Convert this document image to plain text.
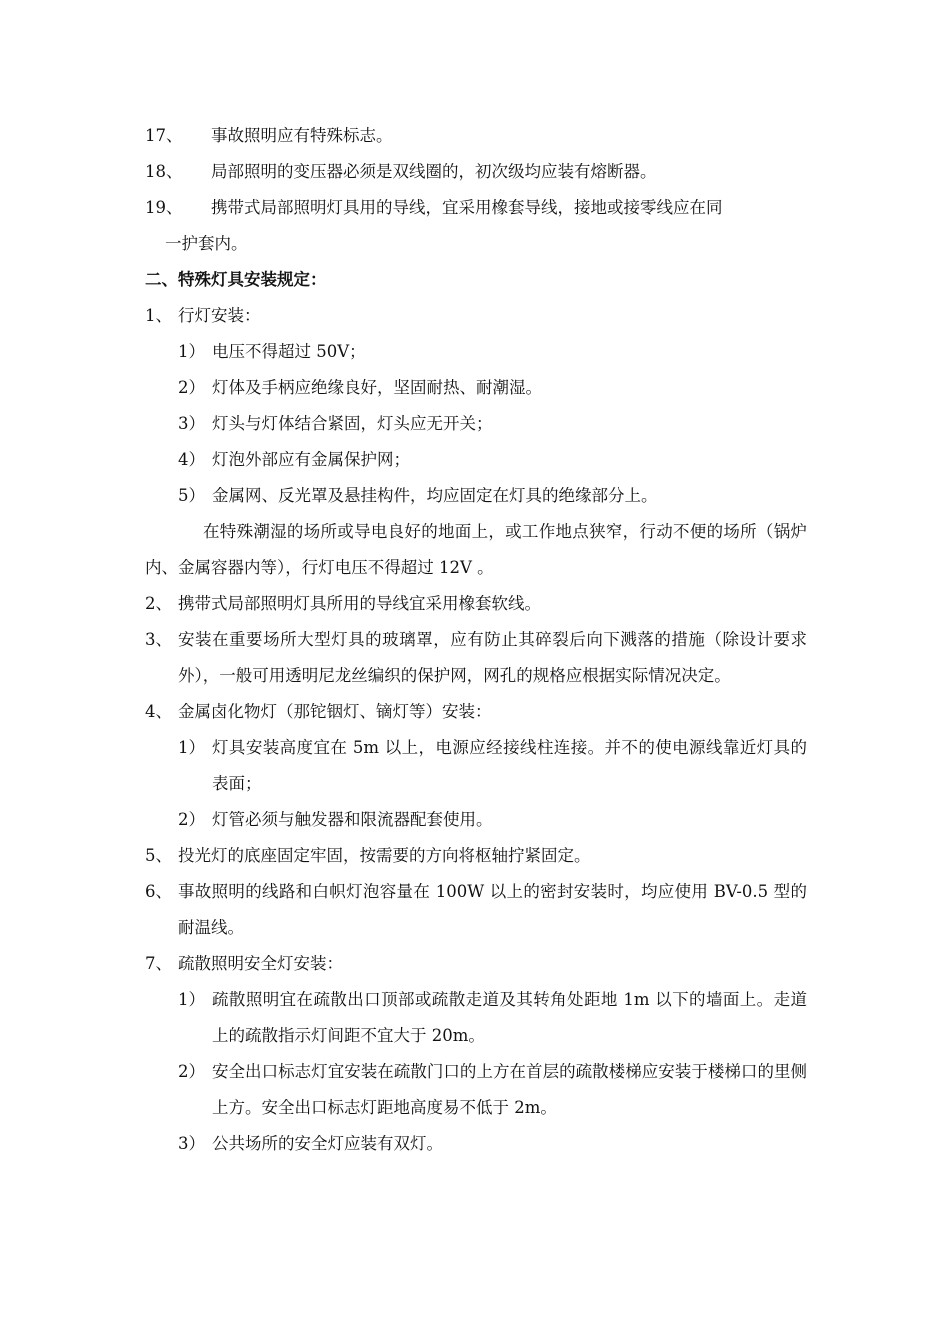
17、	事故照明应有特殊标志。
18、	局部照明的变压器必须是双线圈的，初次级均应装有熔断器。
19、	携带式局部照明灯具用的导线，宜采用橡套导线，接地或接零线应在同
一护套内。
二、特殊灯具安装规定：
1、 行灯安装：
1） 电压不得超过 50V；
2） 灯体及手柄应绝缘良好，坚固耐热、耐潮湿。
3） 灯头与灯体结合紧固，灯头应无开关；
4） 灯泡外部应有金属保护网；
5） 金属网、反光罩及悬挂构件，均应固定在灯具的绝缘部分上。
在特殊潮湿的场所或导电良好的地面上，或工作地点狭窄，行动不便的场所（锅炉内、金属容器内等），行灯电压不得超过 12V 。
2、 携带式局部照明灯具所用的导线宜采用橡套软线。
3、 安装在重要场所大型灯具的玻璃罩，应有防止其碎裂后向下溅落的措施（除设计要求外），一般可用透明尼龙丝编织的保护网，网孔的规格应根据实际情况决定。
4、 金属卤化物灯（那铊铟灯、镝灯等）安装：
1） 灯具安装高度宜在 5m 以上，电源应经接线柱连接。并不的使电源线靠近灯具的表面；
2） 灯管必须与触发器和限流器配套使用。
5、 投光灯的底座固定牢固，按需要的方向将枢轴拧紧固定。
6、 事故照明的线路和白帜灯泡容量在 100W 以上的密封安装时，均应使用 BV-0.5 型的耐温线。
7、 疏散照明安全灯安装：
1） 疏散照明宜在疏散出口顶部或疏散走道及其转角处距地 1m 以下的墙面上。走道上的疏散指示灯间距不宜大于 20m。
2） 安全出口标志灯宜安装在疏散门口的上方在首层的疏散楼梯应安装于楼梯口的里侧上方。安全出口标志灯距地高度易不低于 2m。
3） 公共场所的安全灯应装有双灯。
